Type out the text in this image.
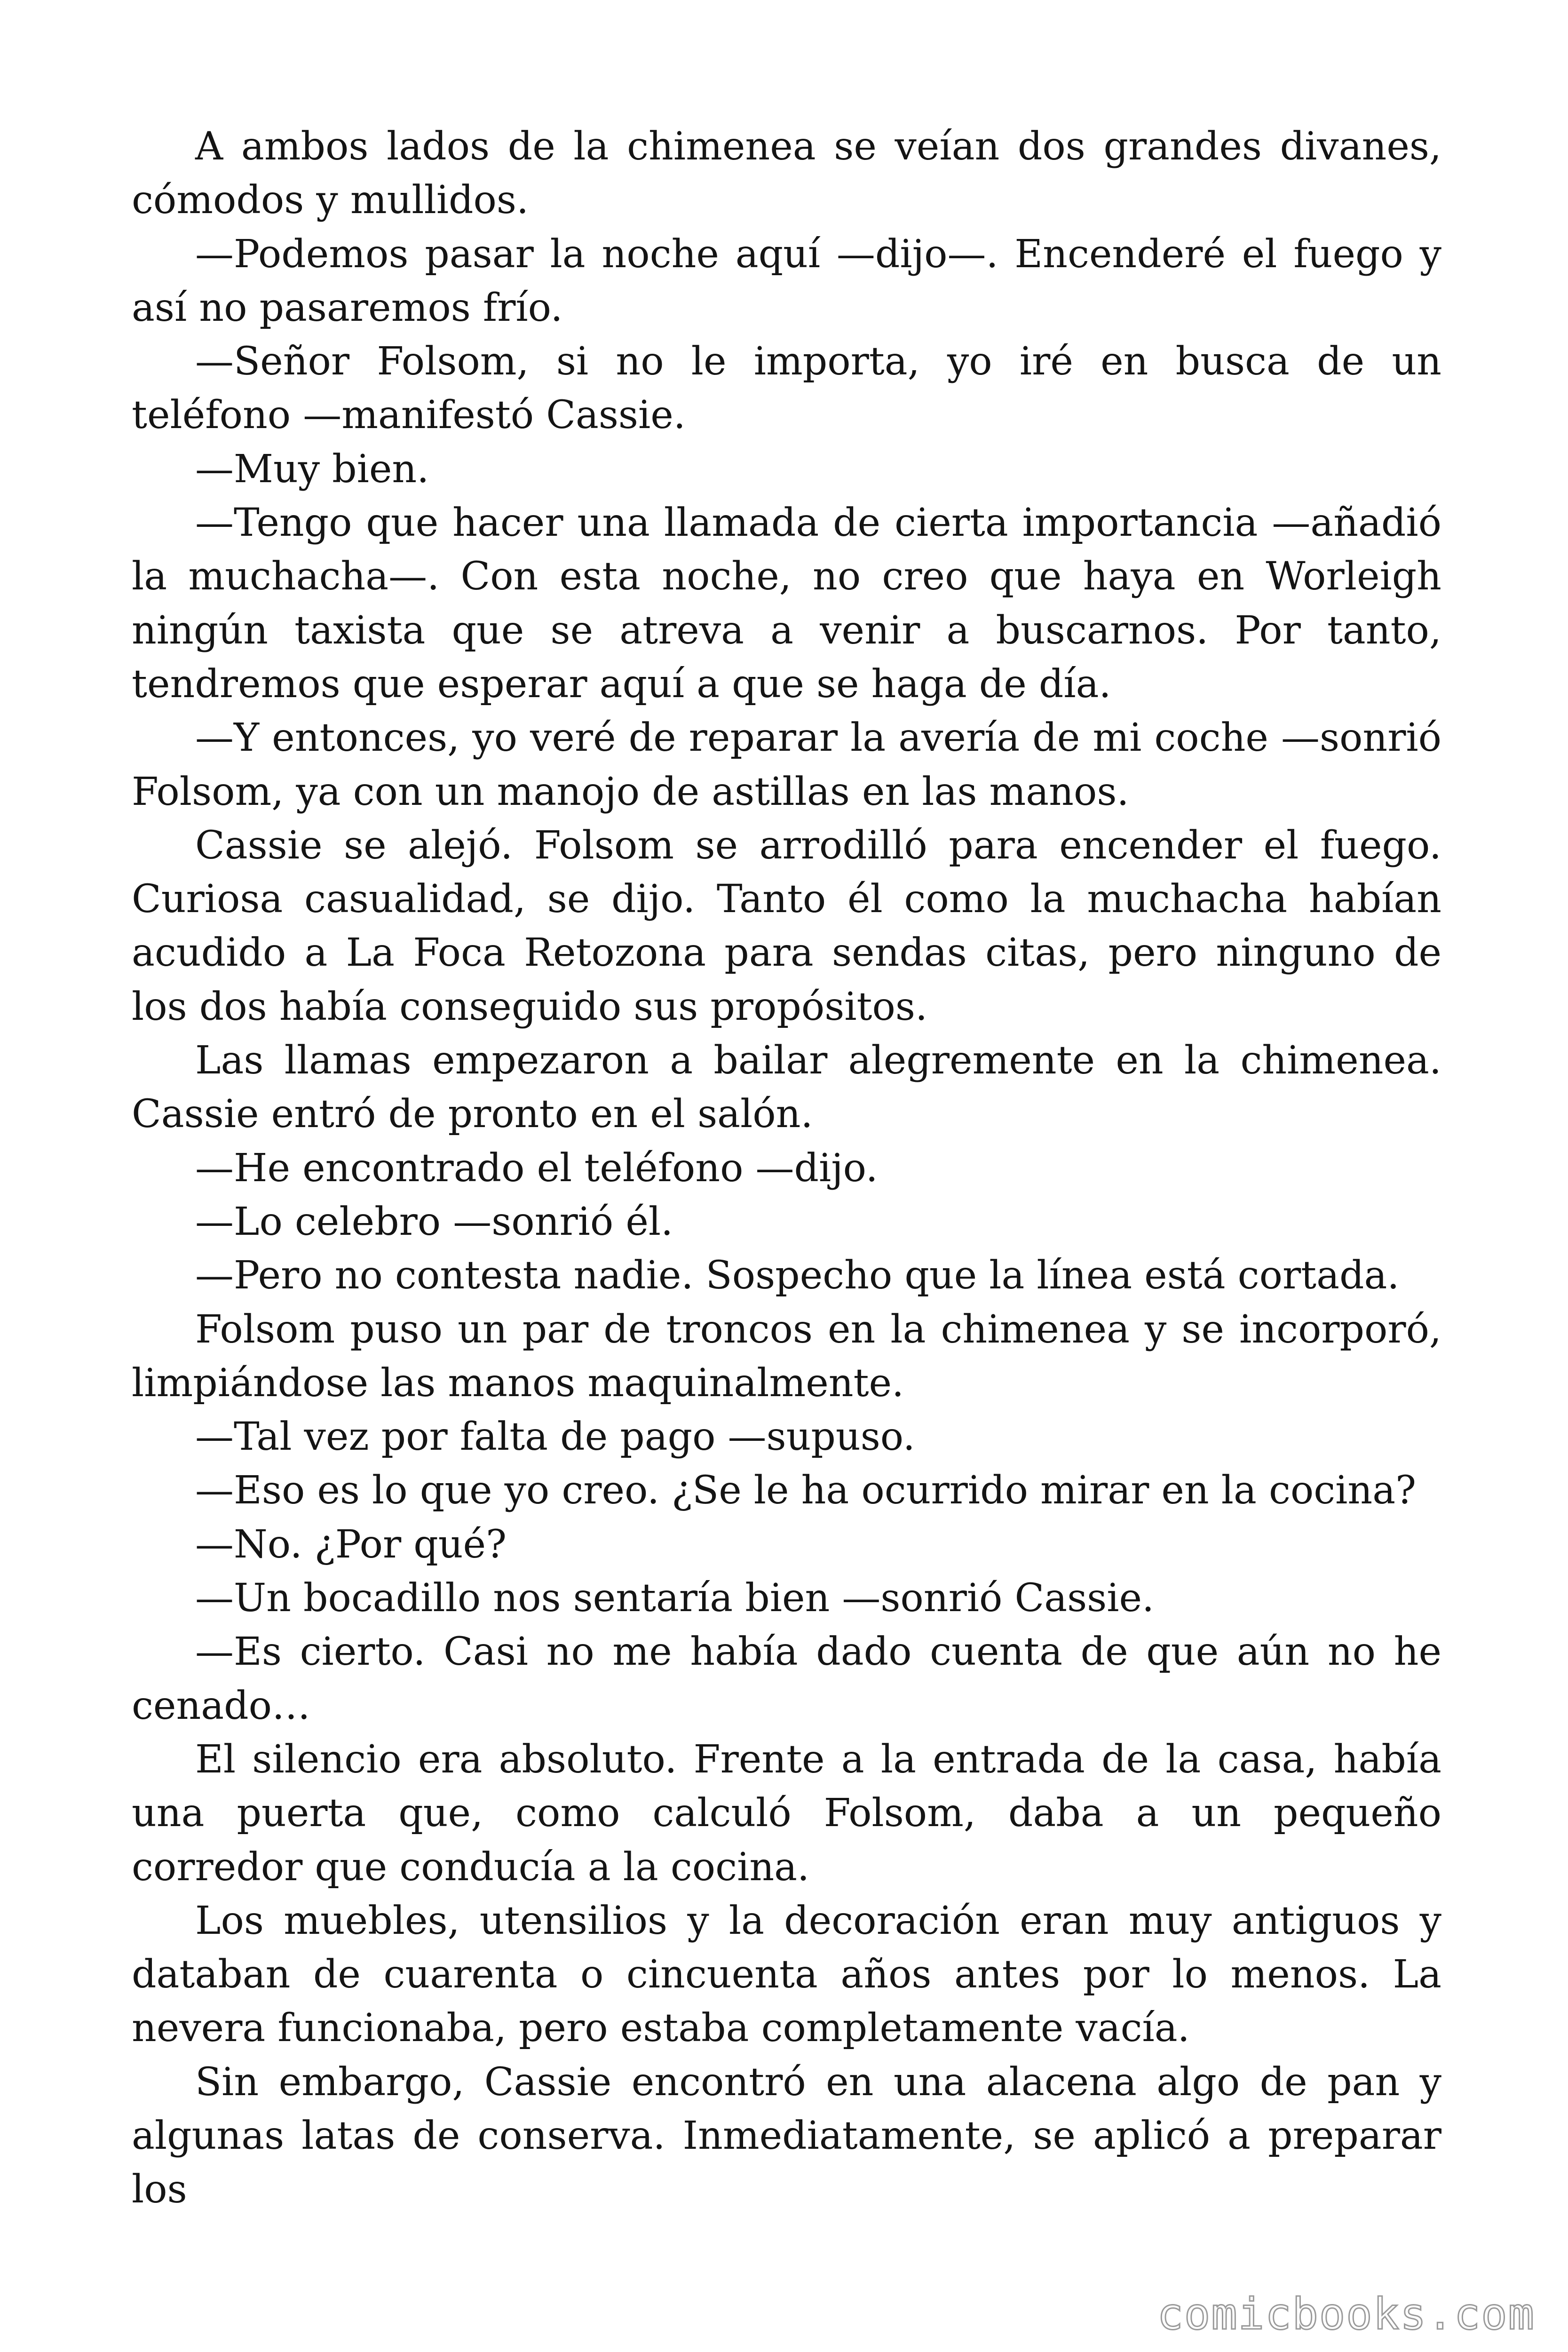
A ambos lados de la chimenea se veían dos grandes divanes, cómodos y mullidos.

—Podemos pasar la noche aquí —dijo—. Encenderé el fuego y así no pasaremos frío.

—Señor Folsom, si no le importa, yo iré en busca de un teléfono —manifestó Cassie.

—Muy bien.

—Tengo que hacer una llamada de cierta importancia —añadió la muchacha—. Con esta noche, no creo que haya en Worleigh ningún taxista que se atreva a venir a buscarnos. Por tanto, tendremos que esperar aquí a que se haga de día.

—Y entonces, yo veré de reparar la avería de mi coche —sonrió Folsom, ya con un manojo de astillas en las manos.

Cassie se alejó. Folsom se arrodilló para encender el fuego. Curiosa casualidad, se dijo. Tanto él como la muchacha habían acudido a La Foca Retozona para sendas citas, pero ninguno de los dos había conseguido sus propósitos.

Las llamas empezaron a bailar alegremente en la chimenea. Cassie entró de pronto en el salón.

—He encontrado el teléfono —dijo.

—Lo celebro —sonrió él.

—Pero no contesta nadie. Sospecho que la línea está cortada.

Folsom puso un par de troncos en la chimenea y se incorporó, limpiándose las manos maquinalmente.

—Tal vez por falta de pago —supuso.

—Eso es lo que yo creo. ¿Se le ha ocurrido mirar en la cocina?

—No. ¿Por qué?

—Un bocadillo nos sentaría bien —sonrió Cassie.

—Es cierto. Casi no me había dado cuenta de que aún no he cenado…

El silencio era absoluto. Frente a la entrada de la casa, había una puerta que, como calculó Folsom, daba a un pequeño corredor que conducía a la cocina.

Los muebles, utensilios y la decoración eran muy antiguos y databan de cuarenta o cincuenta años antes por lo menos. La nevera funcionaba, pero estaba completamente vacía.

Sin embargo, Cassie encontró en una alacena algo de pan y algunas latas de conserva. Inmediatamente, se aplicó a preparar los

comicbooks.com
